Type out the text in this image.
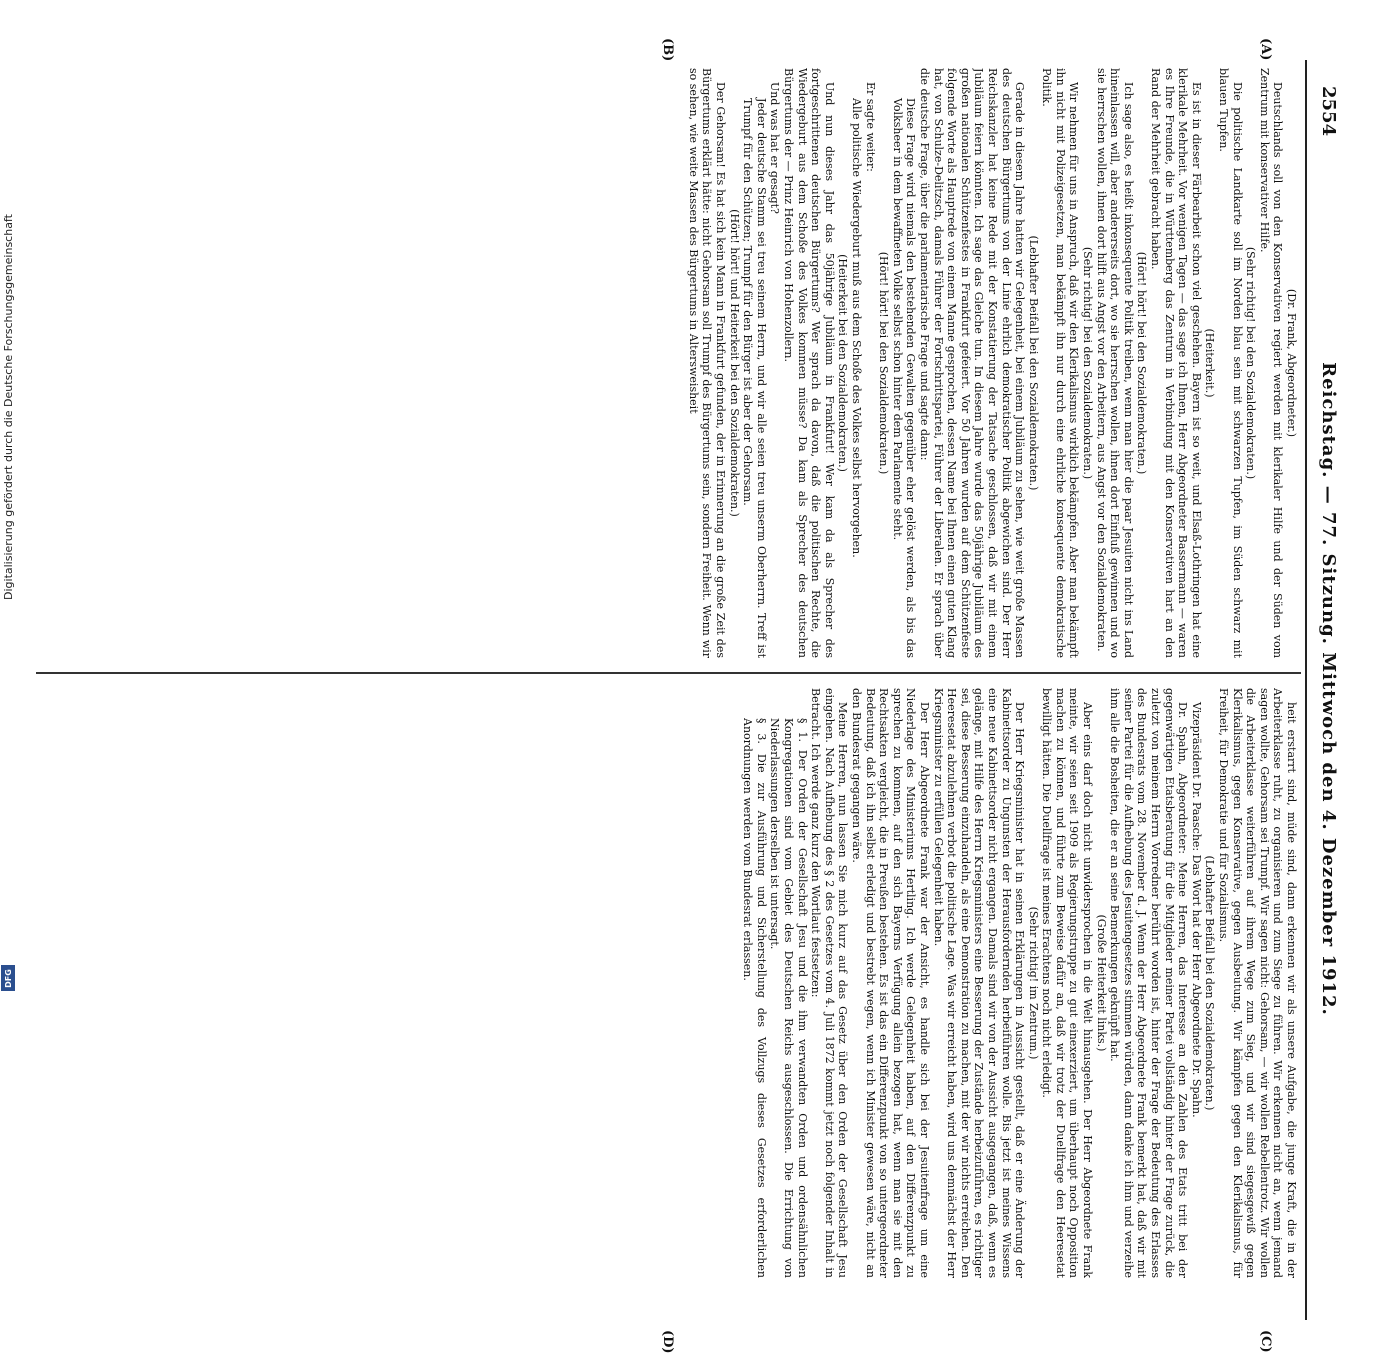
2554
Reichstag. — 77. Sitzung. Mittwoch den 4. Dezember 1912.
(A)
(B)
(C)
(D)

(Dr. Frank, Abgeordneter.)

Deutschlands soll von den Konservativen regiert werden mit klerikaler Hilfe und der Süden vom Zentrum mit konservativer Hilfe.

(Sehr richtig! bei den Sozialdemokraten.)

Die politische Landkarte soll im Norden blau sein mit schwarzen Tupfen, im Süden schwarz mit blauen Tupfen.

(Heiterkeit.)

Es ist in dieser Färbearbeit schon viel geschehen. Bayern ist so weit, und Elsaß-Lothringen hat eine klerikale Mehrheit. Vor wenigen Tagen — das sage ich Ihnen, Herr Abgeordneter Bassermann — waren es Ihre Freunde, die in Württemberg das Zentrum in Verbindung mit den Konservativen hart an den Rand der Mehrheit gebracht haben.

(Hört! hört! bei den Sozialdemokraten.)

Ich sage also, es heißt inkonsequente Politik treiben, wenn man hier die paar Jesuiten nicht ins Land hineinlassen will, aber andererseits dort, wo sie herrschen wollen, ihnen dort Einfluß gewinnen und wo sie herrschen wollen, ihnen dort hilft aus Angst vor den Arbeitern, aus Angst vor den Sozialdemokraten.

(Sehr richtig! bei den Sozialdemokraten.)

Wir nehmen für uns in Anspruch, daß wir den Klerikalismus wirklich bekämpfen. Aber man bekämpft ihn nicht mit Polizeigesetzen, man bekämpft ihn nur durch eine ehrliche konsequente demokratische Politik.

(Lebhafter Beifall bei den Sozialdemokraten.)

Gerade in diesem Jahre hatten wir Gelegenheit, bei einem Jubiläum zu sehen, wie weit große Massen des deutschen Bürgertums von der Linie ehrlich demokratischer Politik abgewichen sind. Der Herr Reichskanzler hat keine Rede mit der Konstatierung der Tatsache geschlossen, daß wir mit einem Jubiläum feiern könnten. Ich sage das Gleiche tun. In diesem Jahre wurde das 50jährige Jubiläum des großen nationalen Schützenfestes in Frankfurt gefeiert. Vor 50 Jahren wurden auf dem Schützenfeste folgende Worte als Hauptrede von einem Manne gesprochen, dessen Name bei Ihnen einen guten Klang hat, von Schulze-Delitzsch, damals Führer der Fortschrittspartei, Führer der Liberalen. Er sprach über die deutsche Frage, über die parlamentarische Frage und sagte dann:

Diese Frage wird niemals den bestehenden Gewalten gegenüber eher gelöst werden, als bis das Volksheer in dem bewaffneten Volke selbst schon hinter dem Parlamente steht.

(Hört! hört! bei den Sozialdemokraten.)

Er sagte weiter:

Alle politische Wiedergeburt muß aus dem Schoße des Volkes selbst hervorgehen.

(Heiterkeit bei den Sozialdemokraten.)

Und nun dieses Jahr das 50jährige Jubiläum in Frankfurt! Wer kam da als Sprecher des fortgeschrittenen deutschen Bürgertums? Wer sprach da davon, daß die politischen Rechte, die Wiedergeburt aus dem Schoße des Volkes kommen müsse? Da kam als Sprecher des deutschen Bürgertums der — Prinz Heinrich von Hohenzollern.

Und was hat er gesagt?

Jeder deutsche Stamm sei treu seinem Herrn, und wir alle seien treu unserm Oberherrn. Treff ist Trumpf für den Schützen; Trumpf für den Bürger ist aber der Gehorsam.

(Hört! hört! und Heiterkeit bei den Sozialdemokraten.)

Der Gehorsam! Es hat sich kein Mann in Frankfurt gefunden, der in Erinnerung an die große Zeit des Bürgertums erklärt hätte: nicht Gehorsam soll Trumpf des Bürgertums sein, sondern Freiheit. Wenn wir so sehen, wie weite Massen des Bürgertums in Altersweisheit

heit erstarrt sind, müde sind, dann erkennen wir als unsere Aufgabe, die junge Kraft, die in der Arbeiterklasse ruht, zu organisieren und zum Siege zu führen. Wir erkennen nicht an, wenn jemand sagen wollte, Gehorsam sei Trumpf. Wir sagen nicht: Gehorsam, — wir wollen Rebellentrotz. Wir wollen die Arbeiterklasse weiterführen auf ihrem Wege zum Sieg, und wir sind siegesgewiß gegen Klerikalismus, gegen Konservative, gegen Ausbeutung. Wir kämpfen gegen den Klerikalismus, für Freiheit, für Demokratie und für Sozialismus.

(Lebhafter Beifall bei den Sozialdemokraten.)

Vizepräsident Dr. Paasche: Das Wort hat der Herr Abgeordnete Dr. Spahn.

Dr. Spahn, Abgeordneter: Meine Herren, das Interesse an den Zahlen des Etats tritt bei der gegenwärtigen Etatsberatung für die Mitglieder meiner Partei vollständig hinter der Frage zurück, die zuletzt von meinem Herrn Vorredner berührt worden ist, hinter der Frage der Bedeutung des Erlasses des Bundesrats vom 28. November d. J. Wenn der Herr Abgeordnete Frank bemerkt hat, daß wir mit seiner Partei für die Aufhebung des Jesuitengesetzes stimmen würden, dann danke ich ihm und verzeihe ihm alle die Bosheiten, die er an seine Bemerkungen geknüpft hat.

(Große Heiterkeit links.)

Aber eins darf doch nicht unwidersprochen in die Welt hinausgehen. Der Herr Abgeordnete Frank meinte, wir seien seit 1909 als Regierungstruppe zu gut einexerziert, um überhaupt noch Opposition machen zu können, und führte zum Beweise dafür an, daß wir trotz der Duellfrage den Heeresetat bewilligt hätten. Die Duellfrage ist meines Erachtens noch nicht erledigt.

(Sehr richtig! im Zentrum.)

Der Herr Kriegsminister hat in seinen Erklärungen in Aussicht gestellt, daß er eine Änderung der Kabinettsorder zu Ungunsten der Herausfordernden herbeiführen wolle. Bis jetzt ist meines Wissens eine neue Kabinettsorder nicht ergangen. Damals sind wir von der Aussicht ausgegangen, daß, wenn es gelänge, mit Hilfe des Herrn Kriegsministers eine Besserung der Zustände herbeizuführen, es richtiger sei, diese Besserung einzuhandeln, als eine Demonstration zu machen, mit der wir nichts erreichen. Den Heeresetat abzulehnen verbot die politische Lage. Was wir erreicht haben, wird uns demnächst der Herr Kriegsminister zu erfüllen Gelegenheit haben.

Der Herr Abgeordnete Frank war der Ansicht, es handle sich bei der Jesuitenfrage um eine Niederlage des Ministeriums Hertling. Ich werde Gelegenheit haben, auf den Differenzpunkt zu sprechen zu kommen, auf den sich Bayerns Verfügung allein bezogen hat, wenn man sie mit den Rechtsakten vergleicht, die in Preußen bestehen. Es ist das ein Differenzpunkt von so untergeordneter Bedeutung, daß ich ihn selbst erledigt und bestrebt wegen, wenn ich Minister gewesen wäre, nicht an den Bundesrat gegangen wäre.

Meine Herren, nun lassen Sie mich kurz auf das Gesetz über den Orden der Gesellschaft Jesu eingehen. Nach Aufhebung des § 2 des Gesetzes vom 4. Juli 1872 kommt jetzt noch folgender Inhalt in Betracht. Ich werde ganz kurz den Wortlaut festsetzen:

§ 1. Der Orden der Gesellschaft Jesu und die ihm verwandten Orden und ordensähnlichen Kongregationen sind vom Gebiet des Deutschen Reichs ausgeschlossen. Die Errichtung von Niederlassungen derselben ist untersagt.

§ 3. Die zur Ausführung und Sicherstellung des Vollzugs dieses Gesetzes erforderlichen Anordnungen werden vom Bundesrat erlassen.

Digitalisierung gefördert durch die Deutsche Forschungsgemeinschaft
DFG
